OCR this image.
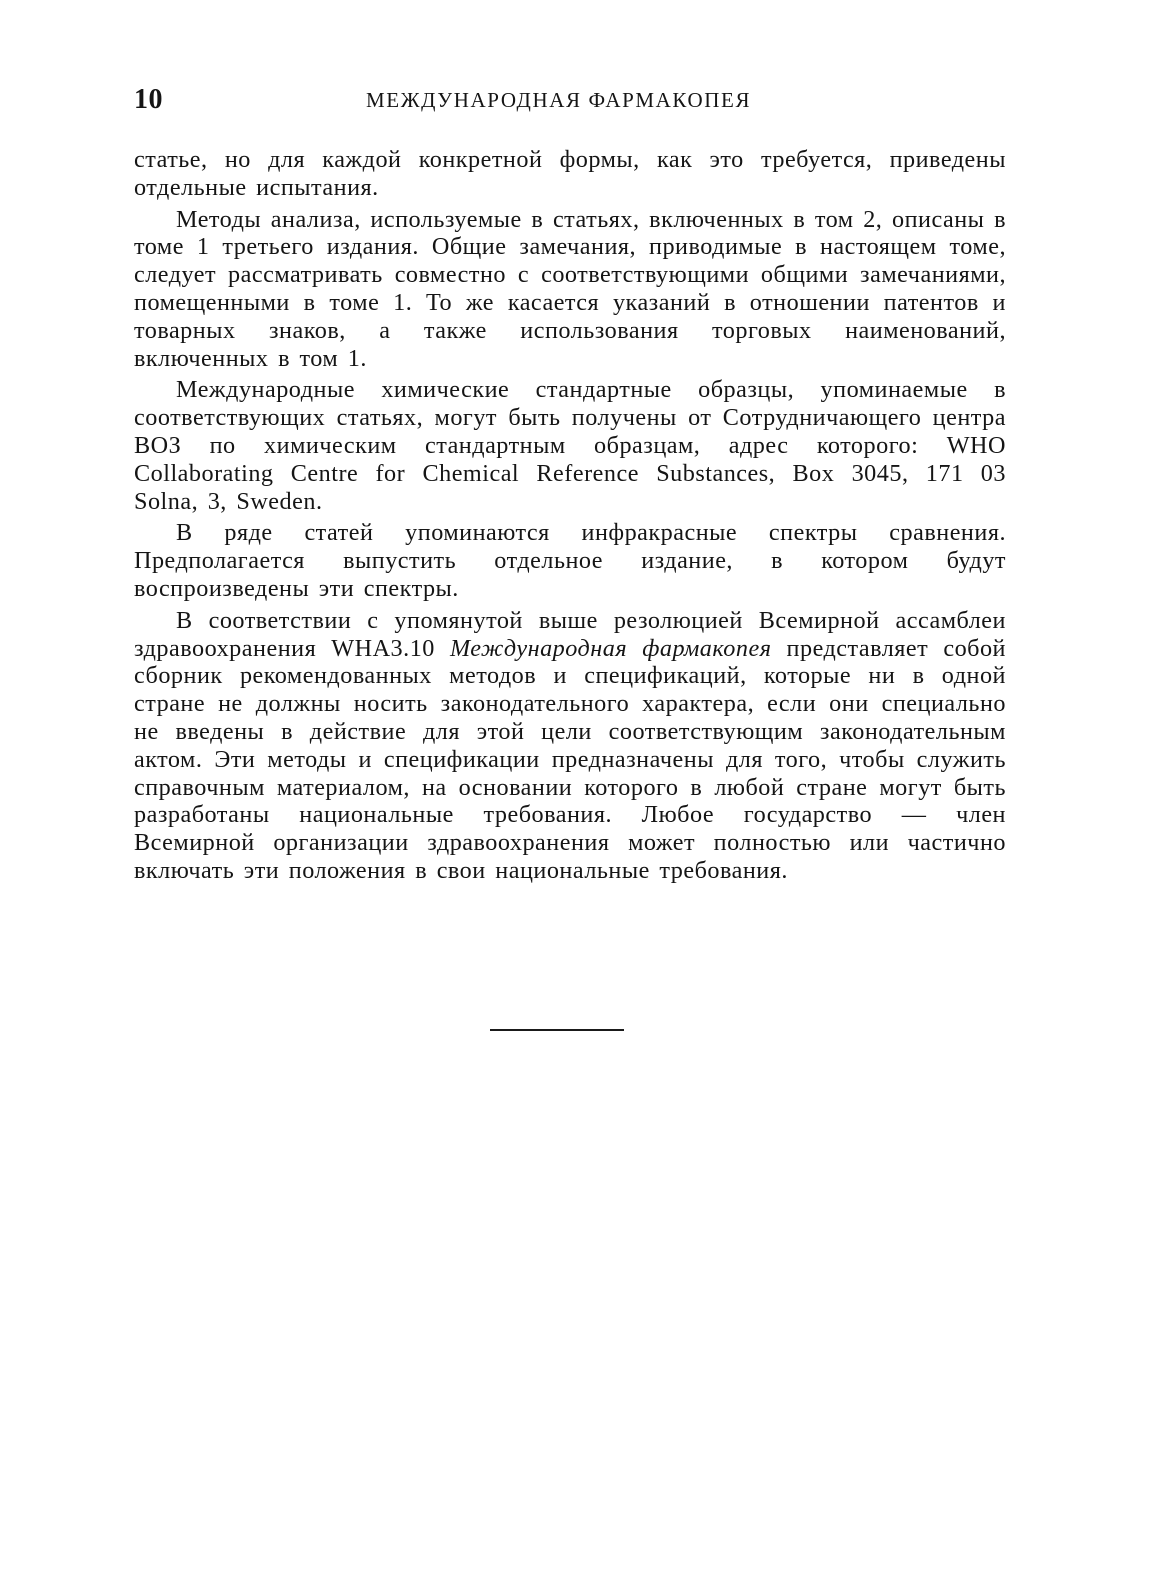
10	МЕЖДУНАРОДНАЯ ФАРМАКОПЕЯ

статье, но для каждой конкретной формы, как это требуется, приведены отдельные испытания.

Методы анализа, используемые в статьях, включенных в том 2, описаны в томе 1 третьего издания. Общие замечания, приводимые в настоящем томе, следует рассматривать совместно с соответствующими общими замечаниями, помещенными в томе 1. То же касается указаний в отношении патентов и товарных знаков, а также использования торговых наименований, включенных в том 1.

Международные химические стандартные образцы, упоминаемые в соответствующих статьях, могут быть получены от Сотрудничающего центра ВОЗ по химическим стандартным образцам, адрес которого: WHO Collaborating Centre for Chemical Reference Substances, Box 3045, 171 03 Solna, 3, Sweden.

В ряде статей упоминаются инфракрасные спектры сравнения. Предполагается выпустить отдельное издание, в котором будут воспроизведены эти спектры.

В соответствии с упомянутой выше резолюцией Всемирной ассамблеи здравоохранения WHA3.10 Международная фармакопея представляет собой сборник рекомендованных методов и спецификаций, которые ни в одной стране не должны носить законодательного характера, если они специально не введены в действие для этой цели соответствующим законодательным актом. Эти методы и спецификации предназначены для того, чтобы служить справочным материалом, на основании которого в любой стране могут быть разработаны национальные требования. Любое государство — член Всемирной организации здравоохранения может полностью или частично включать эти положения в свои национальные требования.
